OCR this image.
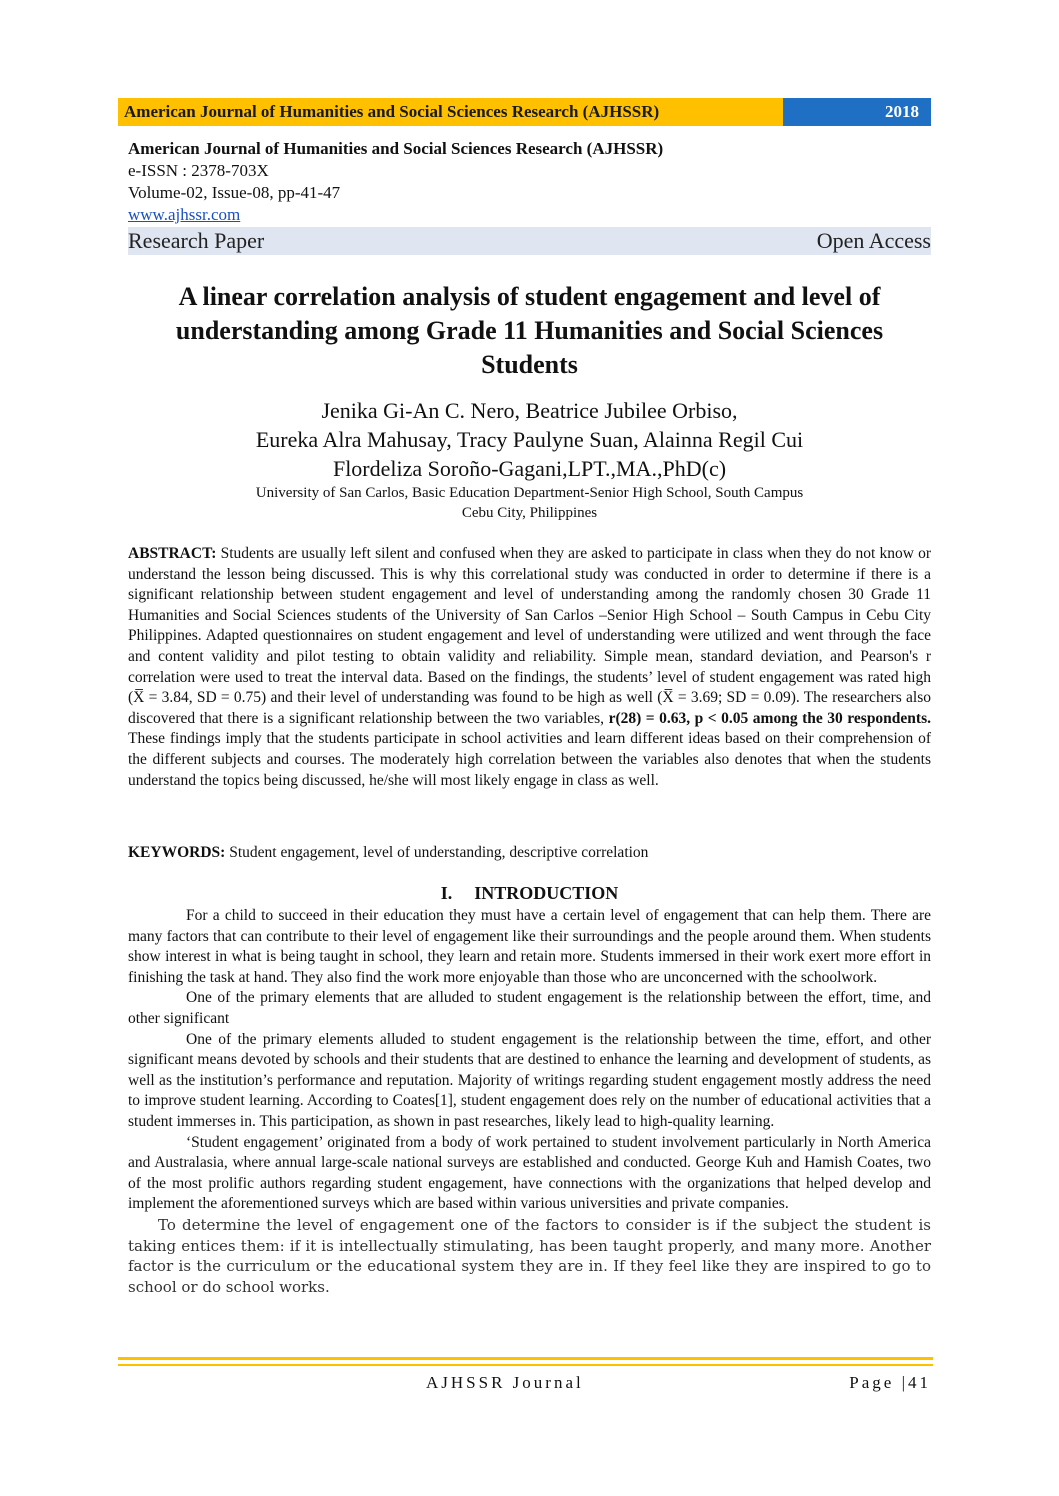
American Journal of Humanities and Social Sciences Research (AJHSSR)	2018
American Journal of Humanities and Social Sciences Research (AJHSSR)
e-ISSN : 2378-703X
Volume-02, Issue-08, pp-41-47
www.ajhssr.com
Research Paper	Open Access
A linear correlation analysis of student engagement and level of understanding among Grade 11 Humanities and Social Sciences Students
Jenika Gi-An C. Nero, Beatrice Jubilee Orbiso,
Eureka Alra Mahusay, Tracy Paulyne Suan, Alainna Regil Cui
Flordeliza Soroño-Gagani,LPT.,MA.,PhD(c)
University of San Carlos, Basic Education Department-Senior High School, South Campus
Cebu City, Philippines
ABSTRACT: Students are usually left silent and confused when they are asked to participate in class when they do not know or understand the lesson being discussed. This is why this correlational study was conducted in order to determine if there is a significant relationship between student engagement and level of understanding among the randomly chosen 30 Grade 11 Humanities and Social Sciences students of the University of San Carlos –Senior High School – South Campus in Cebu City Philippines. Adapted questionnaires on student engagement and level of understanding were utilized and went through the face and content validity and pilot testing to obtain validity and reliability. Simple mean, standard deviation, and Pearson's r correlation were used to treat the interval data. Based on the findings, the students’ level of student engagement was rated high (X̅ = 3.84, SD = 0.75) and their level of understanding was found to be high as well (X̅ = 3.69; SD = 0.09). The researchers also discovered that there is a significant relationship between the two variables, r(28) = 0.63, p < 0.05 among the 30 respondents. These findings imply that the students participate in school activities and learn different ideas based on their comprehension of the different subjects and courses. The moderately high correlation between the variables also denotes that when the students understand the topics being discussed, he/she will most likely engage in class as well.
KEYWORDS: Student engagement, level of understanding, descriptive correlation
I. INTRODUCTION

For a child to succeed in their education they must have a certain level of engagement that can help them. There are many factors that can contribute to their level of engagement like their surroundings and the people around them. When students show interest in what is being taught in school, they learn and retain more. Students immersed in their work exert more effort in finishing the task at hand. They also find the work more enjoyable than those who are unconcerned with the schoolwork.

One of the primary elements that are alluded to student engagement is the relationship between the effort, time, and other significant

One of the primary elements alluded to student engagement is the relationship between the time, effort, and other significant means devoted by schools and their students that are destined to enhance the learning and development of students, as well as the institution’s performance and reputation. Majority of writings regarding student engagement mostly address the need to improve student learning. According to Coates[1], student engagement does rely on the number of educational activities that a student immerses in. This participation, as shown in past researches, likely lead to high-quality learning.

‘Student engagement’ originated from a body of work pertained to student involvement particularly in North America and Australasia, where annual large-scale national surveys are established and conducted. George Kuh and Hamish Coates, two of the most prolific authors regarding student engagement, have connections with the organizations that helped develop and implement the aforementioned surveys which are based within various universities and private companies.

To determine the level of engagement one of the factors to consider is if the subject the student is taking entices them: if it is intellectually stimulating, has been taught properly, and many more. Another factor is the curriculum or the educational system they are in. If they feel like they are inspired to go to school or do school works.

AJHSSR Journal	Page |41
